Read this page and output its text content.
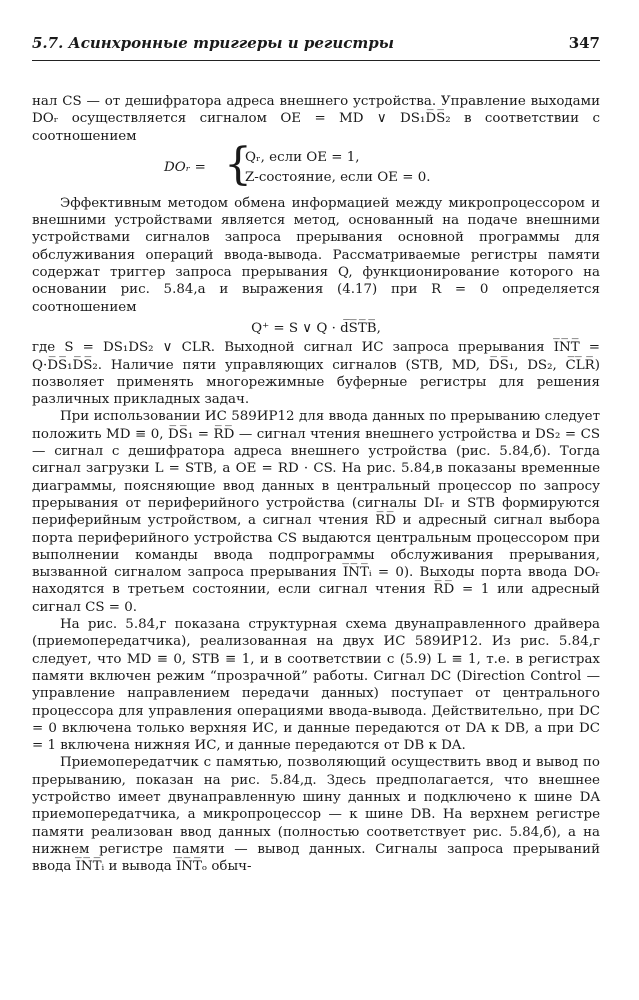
5.7. Асинхронные триггеры и регистры	347

нал CS — от дешифратора адреса внешнего устройства. Управление выходами DOᵣ осуществляется сигналом OE = MD ∨ DS₁D̅S̅₂ в соответствии с соотношением

DOᵣ = {
Qᵣ, если OE = 1,
Z-состояние, если OE = 0.

Эффективным методом обмена информацией между микропроцессором и внешними устройствами является метод, основанный на подаче внешними устройствами сигналов запроса прерывания основной программы для обслуживания операций ввода-вывода. Рассматриваемые регистры памяти содержат триггер запроса прерывания Q, функционирование которого на основании рис. 5.84,а и выражения (4.17) при R = 0 определяется соотношением

Q⁺ = S ∨ Q · d̅S̅T̅B̅,

где S = DS₁DS₂ ∨ CLR. Выходной сигнал ИС запроса прерывания I̅N̅T̅ = Q·D̅S̅₁D̅S̅₂. Наличие пяти управляющих сигналов (STB, MD, D̅S̅₁, DS₂, C̅L̅R̅) позволяет применять многорежимные буферные регистры для решения различных прикладных задач.

При использовании ИС 589ИР12 для ввода данных по прерыванию следует положить MD ≡ 0, D̅S̅₁ = R̅D̅ — сигнал чтения внешнего устройства и DS₂ = CS — сигнал с дешифратора адреса внешнего устройства (рис. 5.84,б). Тогда сигнал загрузки L = STB, а OE = RD · CS. На рис. 5.84,в показаны временные диаграммы, поясняющие ввод данных в центральный процессор по запросу прерывания от периферийного устройства (сигналы DIᵣ и STB формируются периферийным устройством, а сигнал чтения R̅D̅ и адресный сигнал выбора порта периферийного устройства CS выдаются центральным процессором при выполнении команды ввода подпрограммы обслуживания прерывания, вызванной сигналом запроса прерывания I̅N̅T̅ᵢ = 0). Выходы порта ввода DOᵣ находятся в третьем состоянии, если сигнал чтения R̅D̅ = 1 или адресный сигнал CS = 0.

На рис. 5.84,г показана структурная схема двунаправленного драйвера (приемопередатчика), реализованная на двух ИС 589ИР12. Из рис. 5.84,г следует, что MD ≡ 0, STB ≡ 1, и в соответствии с (5.9) L ≡ 1, т.е. в регистрах памяти включен режим “прозрачной” работы. Сигнал DC (Direction Control — управление направлением передачи данных) поступает от центрального процессора для управления операциями ввода-вывода. Действительно, при DC = 0 включена только верхняя ИС, и данные передаются от DA к DB, а при DC = 1 включена нижняя ИС, и данные передаются от DB к DA.

Приемопередатчик с памятью, позволяющий осуществить ввод и вывод по прерыванию, показан на рис. 5.84,д. Здесь предполагается, что внешнее устройство имеет двунаправленную шину данных и подключено к шине DA приемопередатчика, а микропроцессор — к шине DB. На верхнем регистре памяти реализован ввод данных (полностью соответствует рис. 5.84,б), а на нижнем регистре памяти — вывод данных. Сигналы запроса прерываний ввода I̅N̅T̅ᵢ и вывода I̅N̅T̅ₒ обыч-
